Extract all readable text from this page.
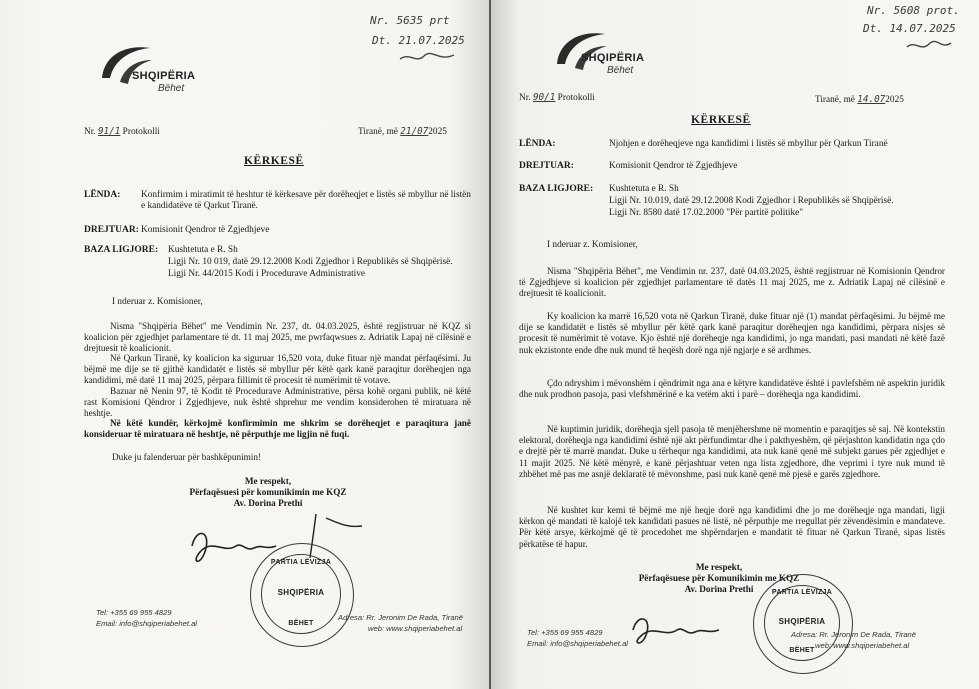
Nr. 5635 prt
Dt. 21.07.2025
SHQIPËRIA
Bëhet
Nr. 91/1 Protokolli	Tiranë, më 21/072025
KËRKESË
LËNDA: Konfirmim i miratimit të heshtur të kërkesave për dorëheqjet e listës së mbyllur në listën e kandidatëve të Qarkut Tiranë.
DREJTUAR: Komisionit Qendror të Zgjedhjeve
BAZA LIGJORE: Kushtetuta e R. Sh
Ligji Nr. 10 019, datë 29.12.2008 Kodi Zgjedhor i Republikës së Shqipërisë.
Ligji Nr. 44/2015 Kodi i Procedurave Administrative
I nderuar z. Komisioner,
Nisma "Shqipëria Bëhet" me Vendimin Nr. 237, dt. 04.03.2025, është regjistruar në KQZ si koalicion për zgjedhjet parlamentare të dt. 11 maj 2025, me pwrfaqwsues z. Adriatik Lapaj në cilësinë e drejtuesit të koalicionit.
Në Qarkun Tiranë, ky koalicion ka siguruar 16,520 vota, duke fituar një mandat përfaqësimi. Ju bëjmë me dije se të gjithë kandidatët e listës së mbyllur për këtë qark kanë paraqitur dorëheqjen nga kandidimi, më datë 11 maj 2025, përpara fillimit të procesit të numërimit të votave.
Bazuar në Nenin 97, të Kodit të Procedurave Administrative, përsa kohë organi publik, në këtë rast Komisioni Qëndror i Zgjedhjeve, nuk është shprehur me vendim konsiderohen të miratuara në heshtje.
Në këtë kundër, kërkojmë konfirmimin me shkrim se dorëheqjet e paraqitura janë konsideruar të miratuara në heshtje, në përputhje me ligjin në fuqi.
Duke ju falenderuar për bashkëpunimin!
Me respekt,
Përfaqësuesi për komunikimin me KQZ
Av. Dorina Prethi
PARTIA LËVIZJA
SHQIPËRIA
BËHET
Tel: +355 69 955 4829
Email: info@shqiperiabehet.al
Adresa: Rr. Jeronim De Rada, Tiranë
web: www.shqiperiabehet.al
Nr. 5608 prot.
Dt. 14.07.2025
SHQIPËRIA
Bëhet
Nr. 90/1 Protokolli	Tiranë, më 14.072025
KËRKESË
LËNDA:	Njohjen e dorëheqjeve nga kandidimi i listës së mbyllur për Qarkun Tiranë
DREJTUAR:	Komisionit Qendror të Zgjedhjeve
BAZA LIGJORE: Kushtetuta e R. Sh
Ligji Nr. 10.019, datë 29.12.2008 Kodi Zgjedhor i Republikës së Shqipërisë.
Ligji Nr. 8580 datë 17.02.2000 "Për partitë politike"
I nderuar z. Komisioner,
Nisma "Shqipëria Bëhet", me Vendimin nr. 237, datë 04.03.2025, është regjistruar në Komisionin Qendror të Zgjedhjeve si koalicion për zgjedhjet parlamentare të datës 11 maj 2025, me z. Adriatik Lapaj në cilësinë e drejtuesit të koalicionit.
Ky koalicion ka marrë 16,520 vota në Qarkun Tiranë, duke fituar një (1) mandat përfaqësimi. Ju bëjmë me dije se kandidatët e listës së mbyllur për këtë qark kanë paraqitur dorëheqjen nga kandidimi, përpara nisjes së procesit të numërimit të votave. Kjo është një dorëheqje nga kandidimi, jo nga mandati, pasi mandati në këtë fazë nuk ekzistonte ende dhe nuk mund të heqësh dorë nga një ngjarje e së ardhmes.
Çdo ndryshim i mëvonshëm i qëndrimit nga ana e këtyre kandidatëve është i pavlefshëm në aspektin juridik dhe nuk prodhon pasoja, pasi vlefshmërinë e ka vetëm akti i parë – dorëheqja nga kandidimi.
Në kuptimin juridik, dorëheqja sjell pasoja të menjëhershme në momentin e paraqitjes së saj. Në kontekstin elektoral, dorëheqja nga kandidimi është një akt përfundimtar dhe i pakthyeshëm, që përjashton kandidatin nga çdo e drejtë për të marrë mandat. Duke u tërhequr nga kandidimi, ata nuk kanë qenë më subjekt garues për zgjedhjet e 11 majit 2025. Në këtë mënyrë, e kanë përjashtuar veten nga lista zgjedhore, dhe veprimi i tyre nuk mund të zhbëhet më pas me asnjë deklaratë të mëvonshme, pasi nuk kanë qenë më pjesë e garës zgjedhore.
Në kushtet kur kemi të bëjmë me një heqje dorë nga kandidimi dhe jo me dorëheqje nga mandati, ligji kërkon që mandati të kalojë tek kandidati pasues në listë, në përputhje me rregullat për zëvendësimin e mandateve. Për këtë arsye, kërkojmë që të procedohet me shpërndarjen e mandatit të fituar në Qarkun Tiranë, sipas listës përkatëse të hapur.
Me respekt,
Përfaqësuese për Komunikimin me KQZ
Av. Dorina Prethi	PARTIA LËVIZJA
SHQIPËRIA
BËHET
Tel: +355 69 955 4829
Email: info@shqiperiabehet.al
Adresa: Rr. Jeronim De Rada, Tiranë
web: www.shqiperiabehet.al
